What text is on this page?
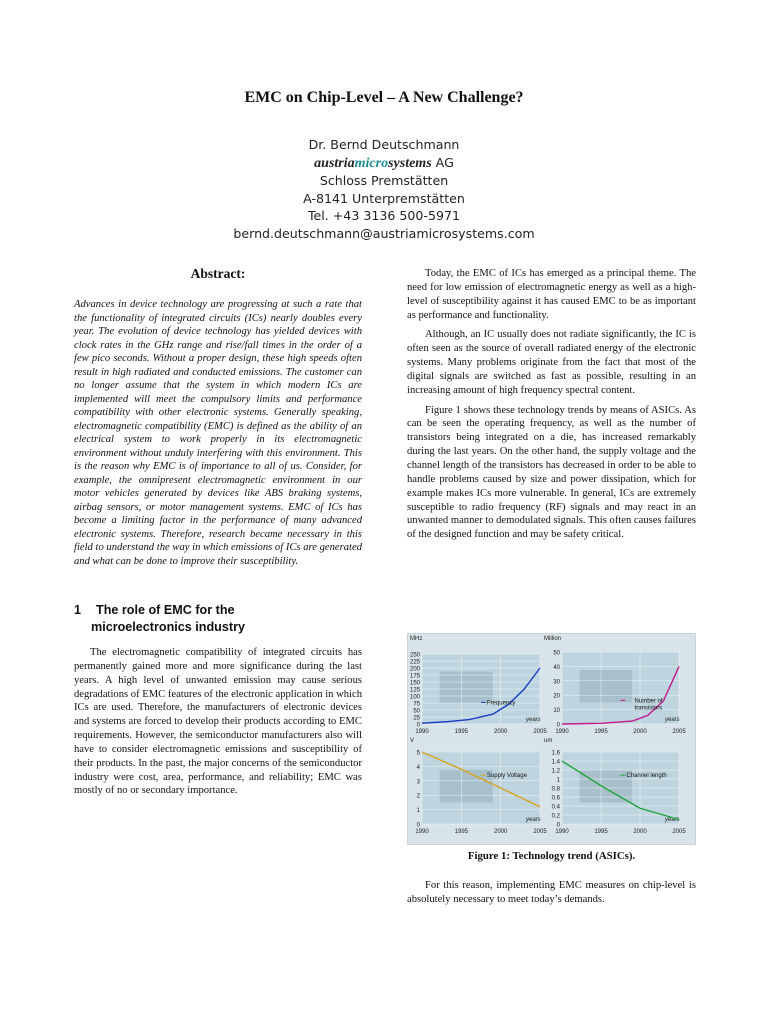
EMC on Chip-Level – A New Challenge?
Dr. Bernd Deutschmann
austriamicrosystems AG
Schloss Premstätten
A-8141 Unterpremstätten
Tel. +43 3136 500-5971
bernd.deutschmann@austriamicrosystems.com
Abstract:

Advances in device technology are progressing at such a rate that the functionality of integrated circuits (ICs) nearly doubles every year. The evolution of device technology has yielded devices with clock rates in the GHz range and rise/fall times in the order of a few pico seconds. Without a proper design, these high speeds often result in high radiated and conducted emissions. The customer can no longer assume that the system in which modern ICs are implemented will meet the compulsory limits and performance compatibility with other electronic systems. Generally speaking, electromagnetic compatibility (EMC) is defined as the ability of an electrical system to work properly in its electromagnetic environment without unduly interfering with this environment. This is the reason why EMC is of importance to all of us. Consider, for example, the omnipresent electromagnetic environment in our motor vehicles generated by devices like ABS braking systems, airbag sensors, or motor management systems. EMC of ICs has become a limiting factor in the performance of many advanced electronic systems. Therefore, research became necessary in this field to understand the way in which emissions of ICs are generated and what can be done to improve their susceptibility.

1 The role of EMC for the
microelectronics industry

The electromagnetic compatibility of integrated circuits has permanently gained more and more significance during the last years. A high level of unwanted emission may cause serious degradations of EMC features of the electronic application in which ICs are used. Therefore, the manufacturers of electronic devices and systems are forced to develop their products according to EMC requirements. However, the semiconductor manufacturers also will have to consider electromagnetic emissions and susceptibility of their products. In the past, the major concerns of the semiconductor industry were cost, area, performance, and reliability; EMC was mostly of no or secondary importance.

Today, the EMC of ICs has emerged as a principal theme. The need for low emission of electromagnetic energy as well as a high-level of susceptibility against it has caused EMC to be as important as performance and functionality.

Although, an IC usually does not radiate significantly, the IC is often seen as the source of overall radiated energy of the electronic systems. Many problems originate from the fact that most of the digital signals are switched as fast as possible, resulting in an increasing amount of high frequency spectral content.

Figure 1 shows these technology trends by means of ASICs. As can be seen the operating frequency, as well as the number of transistors being integrated on a die, has increased remarkably during the last years. On the other hand, the supply voltage and the channel length of the transistors has decreased in order to be able to handle problems caused by size and power dissipation, which for example makes ICs more vulnerable. In general, ICs are extremely susceptible to radio frequency (RF) signals and may react in an unwanted manner to demodulated signals. This often causes failures of the designed function and may be safety critical.

0
25
50
75
100
125
150
175
200
225
250
1990	1995	2000	2005
MHz
years
Frequency
0
10
20
30
40
50
1990	1995	2000	2005
Million
years
Number of
transistors
0
1
2
3
4
5
1990	1995	2000	2005
V
years
Supply Voltage
0
0.2
0.4
0.6
0.8
1
1.2
1.4
1.6
1990	1995	2000	2005
um
years
Channel length
Figure 1: Technology trend (ASICs).

For this reason, implementing EMC measures on chip-level is absolutely necessary to meet today’s demands.
